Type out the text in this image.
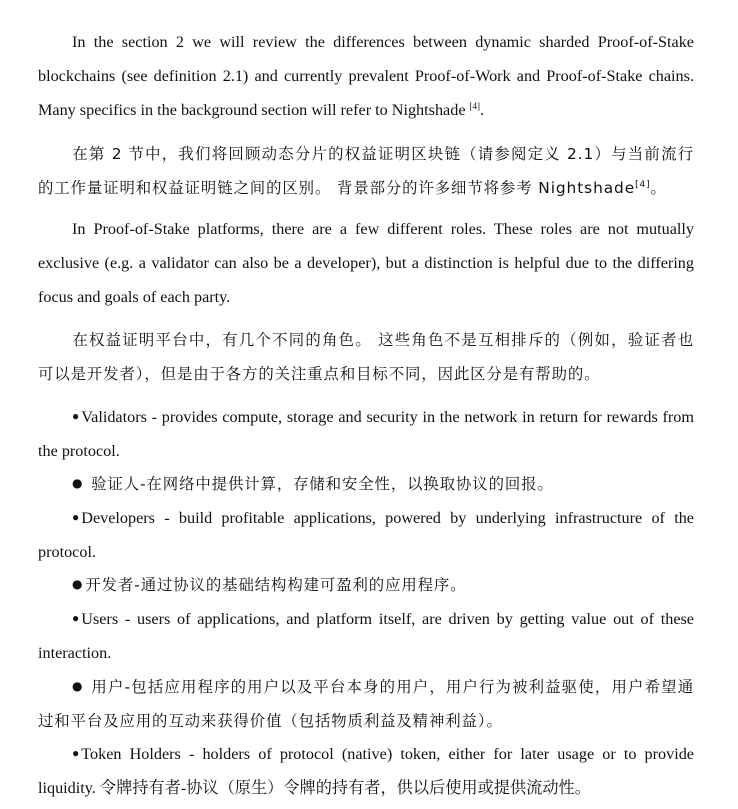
In the section 2 we will review the differences between dynamic sharded Proof-of-Stake blockchains (see definition 2.1) and currently prevalent Proof-of-Work and Proof-of-Stake chains. Many specifics in the background section will refer to Nightshade [4].

在第 2 节中，我们将回顾动态分片的权益证明区块链（请参阅定义 2.1）与当前流行的工作量证明和权益证明链之间的区别。 背景部分的许多细节将参考 Nightshade[4]。

In Proof-of-Stake platforms, there are a few different roles. These roles are not mutually exclusive (e.g. a validator can also be a developer), but a distinction is helpful due to the differing focus and goals of each party.

在权益证明平台中，有几个不同的角色。 这些角色不是互相排斥的（例如，验证者也可以是开发者），但是由于各方的关注重点和目标不同，因此区分是有帮助的。

● Validators - provides compute, storage and security in the network in return for rewards from the protocol.

● 验证人-在网络中提供计算，存储和安全性，以换取协议的回报。

● Developers - build profitable applications, powered by underlying infrastructure of the protocol.

● 开发者-通过协议的基础结构构建可盈利的应用程序。

● Users - users of applications, and platform itself, are driven by getting value out of these interaction.

● 用户-包括应用程序的用户以及平台本身的用户，用户行为被利益驱使，用户希望通过和平台及应用的互动来获得价值（包括物质利益及精神利益）。

● Token Holders - holders of protocol (native) token, either for later usage or to provide liquidity. 令牌持有者-协议（原生）令牌的持有者，供以后使用或提供流动性。
